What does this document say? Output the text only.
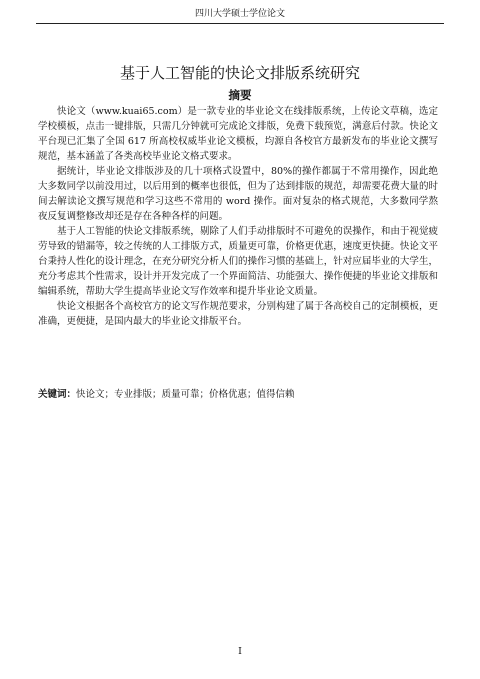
四川大学硕士学位论文
基于人工智能的快论文排版系统研究
摘要

快论文（www.kuai65.com）是一款专业的毕业论文在线排版系统，上传论文草稿，选定学校模板，点击一键排版，只需几分钟就可完成论文排版，免费下载预览，满意后付款。快论文平台现已汇集了全国 617 所高校权威毕业论文模板，均源自各校官方最新发布的毕业论文撰写规范，基本涵盖了各类高校毕业论文格式要求。

据统计，毕业论文排版涉及的几十项格式设置中，80%的操作都属于不常用操作，因此绝大多数同学以前没用过，以后用到的概率也很低，但为了达到排版的规范，却需要花费大量的时间去解读论文撰写规范和学习这些不常用的 word 操作。面对复杂的格式规范，大多数同学熬夜反复调整修改却还是存在各种各样的问题。

基于人工智能的快论文排版系统，剔除了人们手动排版时不可避免的误操作，和由于视觉疲劳导致的错漏等，较之传统的人工排版方式，质量更可靠，价格更优惠，速度更快捷。快论文平台秉持人性化的设计理念，在充分研究分析人们的操作习惯的基础上，针对应届毕业的大学生，充分考虑其个性需求，设计并开发完成了一个界面简洁、功能强大、操作便捷的毕业论文排版和编辑系统，帮助大学生提高毕业论文写作效率和提升毕业论文质量。

快论文根据各个高校官方的论文写作规范要求，分别构建了属于各高校自己的定制模板，更准确，更便捷，是国内最大的毕业论文排版平台。

关键词：快论文；专业排版；质量可靠；价格优惠；值得信赖
I
